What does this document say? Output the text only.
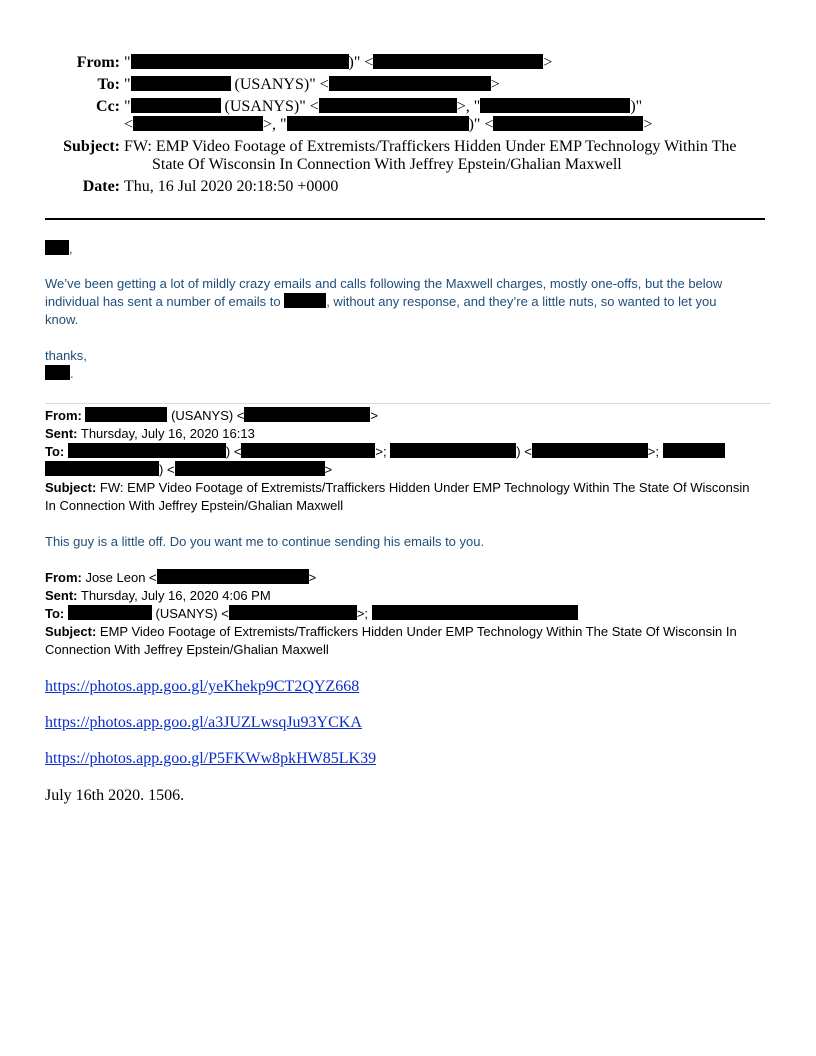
From: "	)" <	>
To: "	(USANYS)" <	>
Cc: "	(USANYS)" <	>, "	)"
<	>, "	)" <	>
Subject: FW: EMP Video Footage of Extremists/Traffickers Hidden Under EMP Technology Within The
State Of Wisconsin In Connection With Jeffrey Epstein/Ghalian Maxwell
Date: Thu, 16 Jul 2020 20:18:50 +0000
,
We’ve been getting a lot of mildly crazy emails and calls following the Maxwell charges, mostly one-offs, but the below
individual has sent a number of emails to	, without any response, and they’re a little nuts, so wanted to let you
know.
thanks,
.
From:	(USANYS) <	>
Sent: Thursday, July 16, 2020 16:13
To:	) <	>;	) <	>;
) <	>
Subject: FW: EMP Video Footage of Extremists/Traffickers Hidden Under EMP Technology Within The State Of Wisconsin
In Connection With Jeffrey Epstein/Ghalian Maxwell
This guy is a little off. Do you want me to continue sending his emails to you.
From: Jose Leon <	>
Sent: Thursday, July 16, 2020 4:06 PM
To:	(USANYS) <	>;
Subject: EMP Video Footage of Extremists/Traffickers Hidden Under EMP Technology Within The State Of Wisconsin In
Connection With Jeffrey Epstein/Ghalian Maxwell
https://photos.app.goo.gl/yeKhekp9CT2QYZ668
https://photos.app.goo.gl/a3JUZLwsqJu93YCKA
https://photos.app.goo.gl/P5FKWw8pkHW85LK39
July 16th 2020. 1506.
